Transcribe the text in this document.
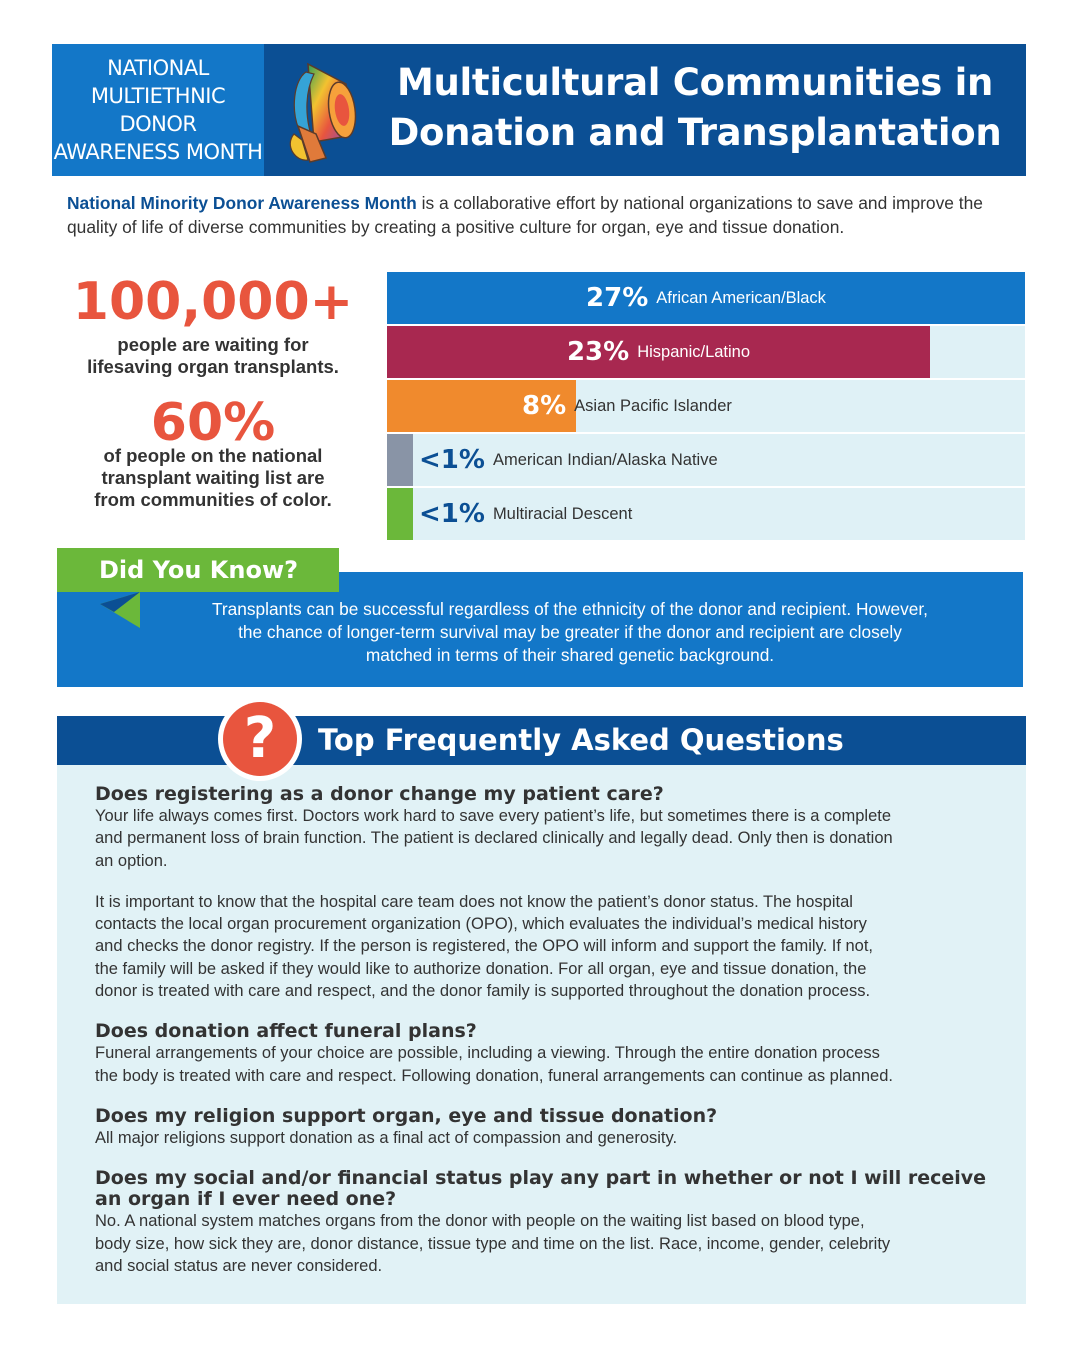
NATIONAL
MULTIETHNIC DONOR
AWARENESS MONTH
Multicultural Communities in
Donation and Transplantation

National Minority Donor Awareness Month is a collaborative effort by national organizations to save and improve the quality of life of diverse communities by creating a positive culture for organ, eye and tissue donation.

100,000+
people are waiting for
lifesaving organ transplants.
60%
of people on the national
transplant waiting list are
from communities of color.
27% African American/Black
23% Hispanic/Latino
8% Asian Pacific Islander
<1% American Indian/Alaska Native
<1% Multiracial Descent
Did You Know?
Transplants can be successful regardless of the ethnicity of the donor and recipient. However,
the chance of longer-term survival may be greater if the donor and recipient are closely
matched in terms of their shared genetic background.
?	Top Frequently Asked Questions
Does registering as a donor change my patient care?
Your life always comes first. Doctors work hard to save every patient’s life, but sometimes there is a complete
and permanent loss of brain function. The patient is declared clinically and legally dead. Only then is donation
an option.
It is important to know that the hospital care team does not know the patient’s donor status. The hospital
contacts the local organ procurement organization (OPO), which evaluates the individual’s medical history
and checks the donor registry. If the person is registered, the OPO will inform and support the family. If not,
the family will be asked if they would like to authorize donation. For all organ, eye and tissue donation, the
donor is treated with care and respect, and the donor family is supported throughout the donation process.
Does donation affect funeral plans?
Funeral arrangements of your choice are possible, including a viewing. Through the entire donation process
the body is treated with care and respect. Following donation, funeral arrangements can continue as planned.
Does my religion support organ, eye and tissue donation?
All major religions support donation as a final act of compassion and generosity.
Does my social and/or financial status play any part in whether or not I will receive
an organ if I ever need one?
No. A national system matches organs from the donor with people on the waiting list based on blood type,
body size, how sick they are, donor distance, tissue type and time on the list. Race, income, gender, celebrity
and social status are never considered.
